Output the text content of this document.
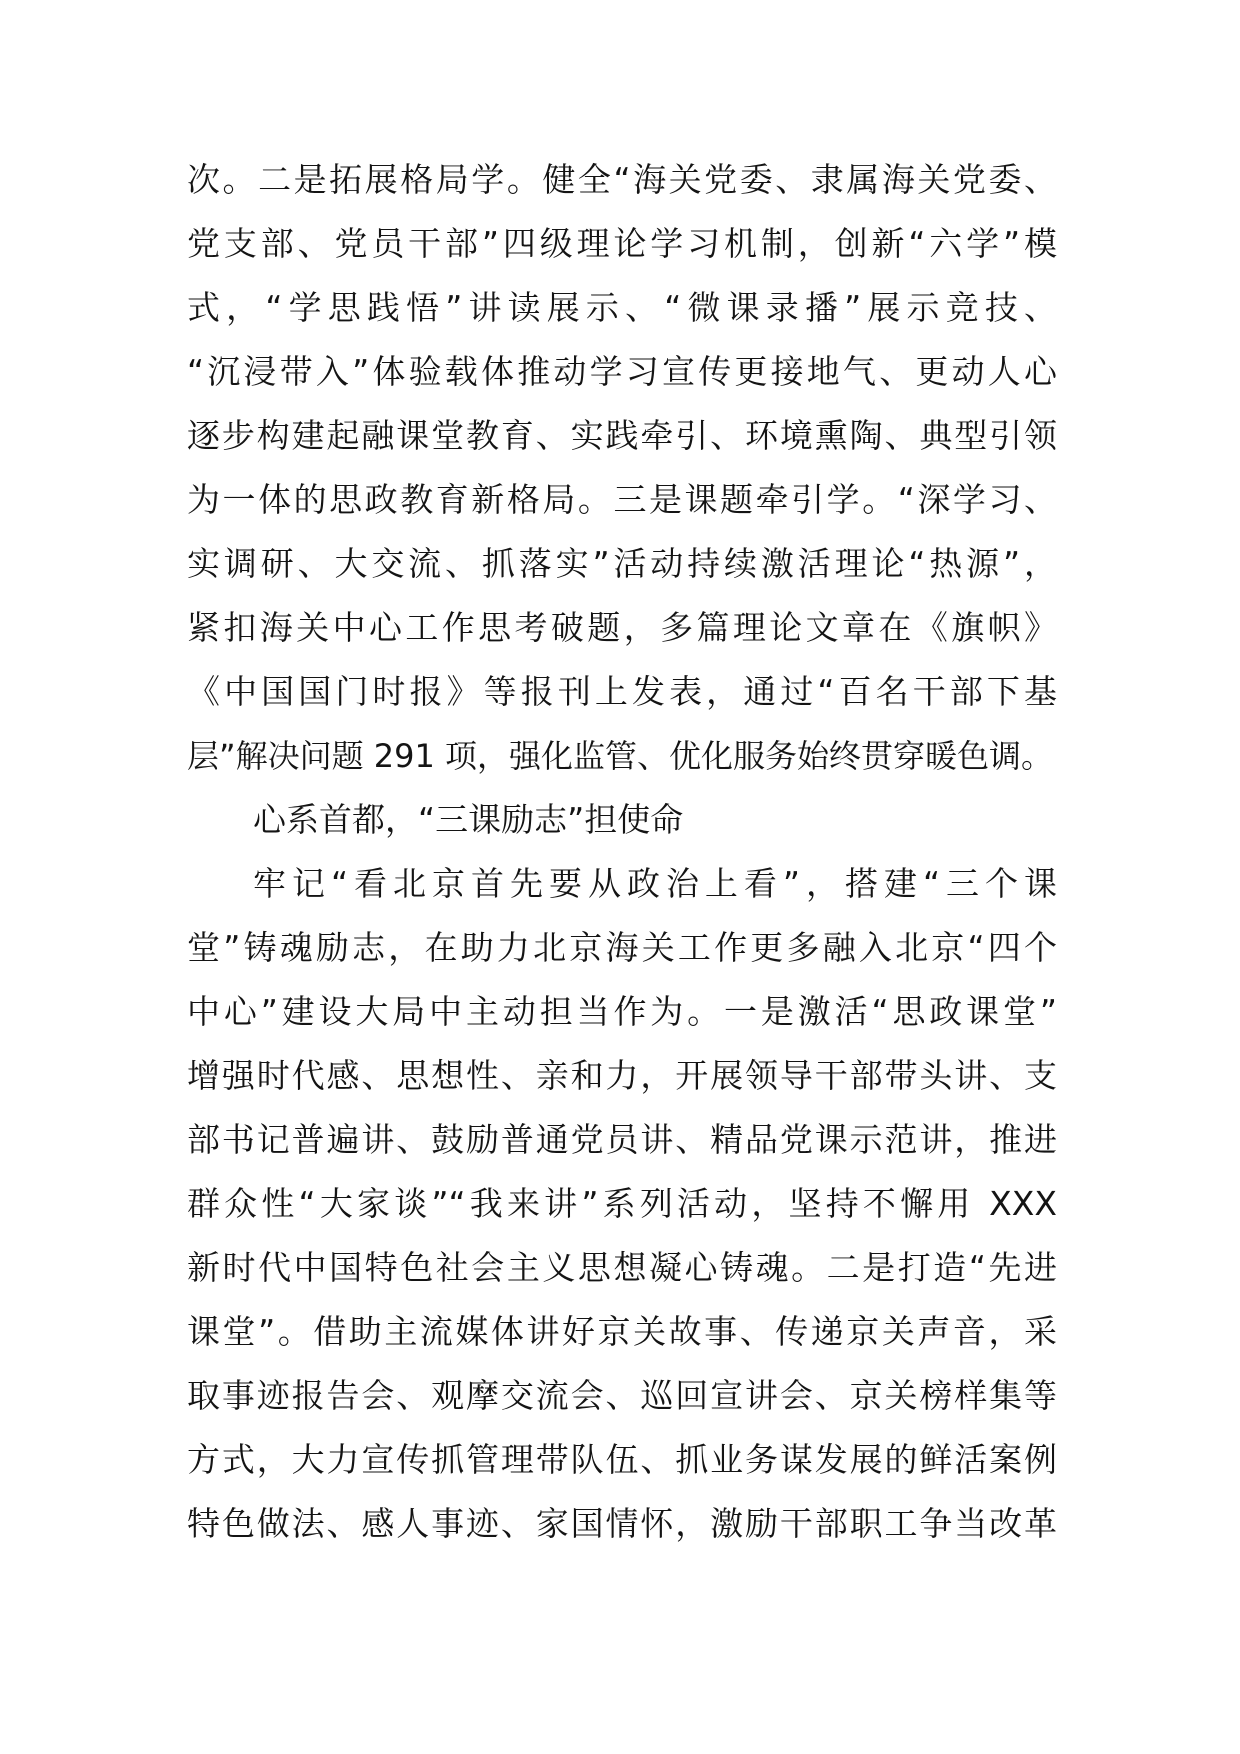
次。二是拓展格局学。健全“海关党委、隶属海关党委、
党支部、党员干部”四级理论学习机制，创新“六学”模
式，“学思践悟”讲读展示、“微课录播”展示竞技、
“沉浸带入”体验载体推动学习宣传更接地气、更动人心
逐步构建起融课堂教育、实践牵引、环境熏陶、典型引领
为一体的思政教育新格局。三是课题牵引学。“深学习、
实调研、大交流、抓落实”活动持续激活理论“热源”，
紧扣海关中心工作思考破题，多篇理论文章在《旗帜》
《中国国门时报》等报刊上发表，通过“百名干部下基
层”解决问题 291 项，强化监管、优化服务始终贯穿暖色调。
心系首都，“三课励志”担使命
牢记“看北京首先要从政治上看”，搭建“三个课
堂”铸魂励志，在助力北京海关工作更多融入北京“四个
中心”建设大局中主动担当作为。一是激活“思政课堂”
增强时代感、思想性、亲和力，开展领导干部带头讲、支
部书记普遍讲、鼓励普通党员讲、精品党课示范讲，推进
群众性“大家谈”“我来讲”系列活动，坚持不懈用 XXX
新时代中国特色社会主义思想凝心铸魂。二是打造“先进
课堂”。借助主流媒体讲好京关故事、传递京关声音，采
取事迹报告会、观摩交流会、巡回宣讲会、京关榜样集等
方式，大力宣传抓管理带队伍、抓业务谋发展的鲜活案例
特色做法、感人事迹、家国情怀，激励干部职工争当改革
